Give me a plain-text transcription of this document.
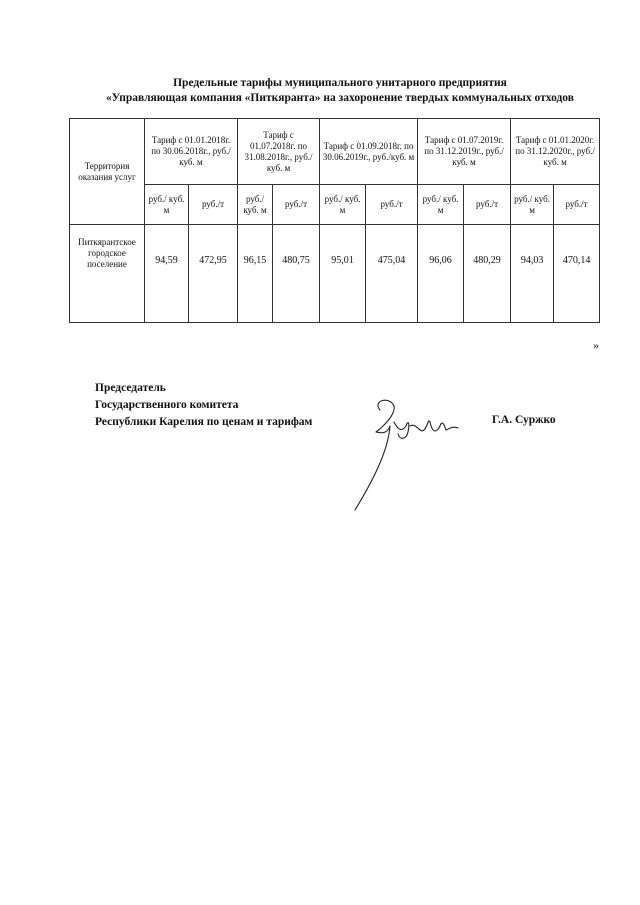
Предельные тарифы муниципального унитарного предприятия
«Управляющая компания «Питкяранта» на захоронение твердых коммунальных отходов
Территория оказания услуг	Тариф с 01.01.2018г. по 30.06.2018г., руб./куб. м		Тариф с 01.07.2018г. по 31.08.2018г., руб./куб. м		Тариф с 01.09.2018г. по 30.06.2019г., руб./куб. м		Тариф с 01.07.2019г. по 31.12.2019г., руб./куб. м		Тариф с 01.01.2020г. по 31.12.2020г., руб./куб. м	
	руб./ куб. м	руб./т	руб./ куб. м	руб./т	руб./ куб. м	руб./т	руб./ куб. м	руб./т	руб./ куб. м	руб./т
Питкярантское городское поселение	94,59	472,95	96,15	480,75	95,01	475,04	96,06	480,29	94,03	470,14
»
Председатель
Государственного комитета
Республики Карелия по ценам и тарифам	Г.А. Суржко
